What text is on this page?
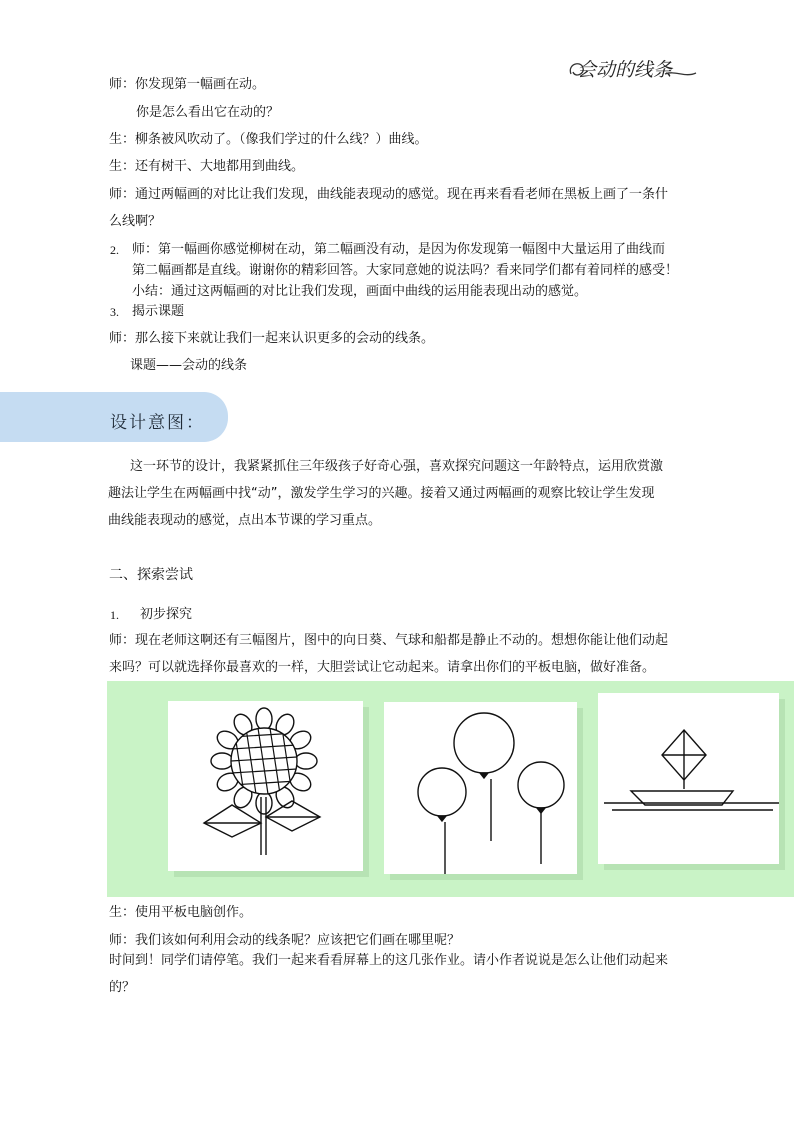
会动的线条
师：你发现第一幅画在动。
你是怎么看出它在动的？
生：柳条被风吹动了。（像我们学过的什么线？）曲线。
生：还有树干、大地都用到曲线。
师：通过两幅画的对比让我们发现，曲线能表现动的感觉。现在再来看看老师在黑板上画了一条什
么线啊？
2. 师：第一幅画你感觉柳树在动，第二幅画没有动，是因为你发现第一幅图中大量运用了曲线而
第二幅画都是直线。谢谢你的精彩回答。大家同意她的说法吗？看来同学们都有着同样的感受！
小结：通过这两幅画的对比让我们发现，画面中曲线的运用能表现出动的感觉。
3. 揭示课题
师：那么接下来就让我们一起来认识更多的会动的线条。
课题——会动的线条
设计意图：
这一环节的设计，我紧紧抓住三年级孩子好奇心强，喜欢探究问题这一年龄特点，运用欣赏激
趣法让学生在两幅画中找“动”，激发学生学习的兴趣。接着又通过两幅画的观察比较让学生发现
曲线能表现动的感觉，点出本节课的学习重点。
二、探索尝试
1. 初步探究
师：现在老师这啊还有三幅图片，图中的向日葵、气球和船都是静止不动的。想想你能让他们动起
来吗？可以就选择你最喜欢的一样，大胆尝试让它动起来。请拿出你们的平板电脑，做好准备。
生：使用平板电脑创作。
师：我们该如何利用会动的线条呢？应该把它们画在哪里呢？
时间到！同学们请停笔。我们一起来看看屏幕上的这几张作业。请小作者说说是怎么让他们动起来
的？
